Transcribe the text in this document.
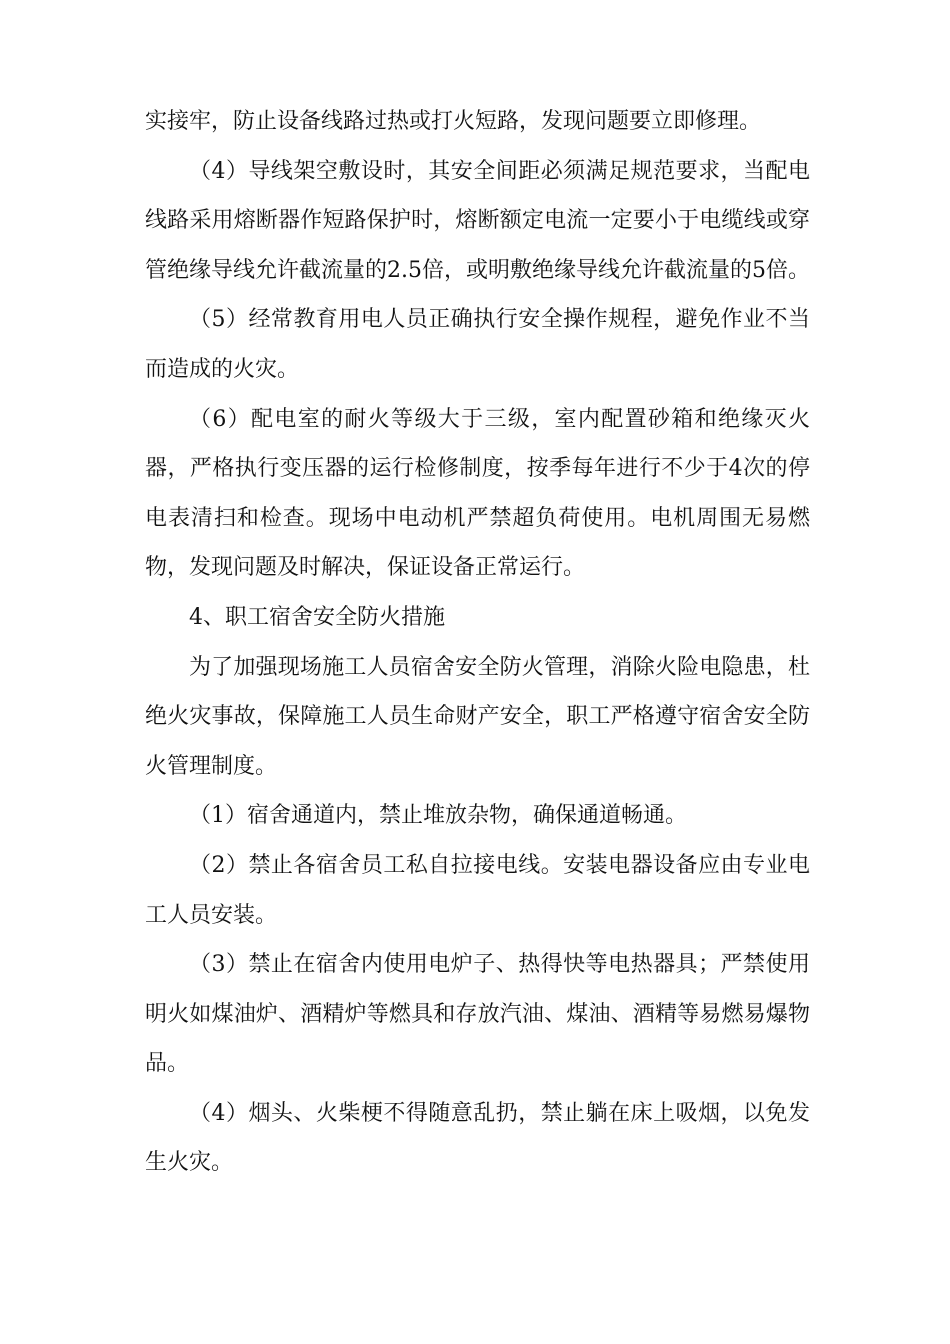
实接牢，防止设备线路过热或打火短路，发现问题要立即修理。

（4）导线架空敷设时，其安全间距必须满足规范要求，当配电线路采用熔断器作短路保护时，熔断额定电流一定要小于电缆线或穿管绝缘导线允许截流量的2.5倍，或明敷绝缘导线允许截流量的5倍。

（5）经常教育用电人员正确执行安全操作规程，避免作业不当而造成的火灾。

（6）配电室的耐火等级大于三级，室内配置砂箱和绝缘灭火器，严格执行变压器的运行检修制度，按季每年进行不少于4次的停电表清扫和检查。现场中电动机严禁超负荷使用。电机周围无易燃物，发现问题及时解决，保证设备正常运行。

4、职工宿舍安全防火措施

为了加强现场施工人员宿舍安全防火管理，消除火险电隐患，杜绝火灾事故，保障施工人员生命财产安全，职工严格遵守宿舍安全防火管理制度。

（1）宿舍通道内，禁止堆放杂物，确保通道畅通。

（2）禁止各宿舍员工私自拉接电线。安装电器设备应由专业电工人员安装。

（3）禁止在宿舍内使用电炉子、热得快等电热器具；严禁使用明火如煤油炉、酒精炉等燃具和存放汽油、煤油、酒精等易燃易爆物品。

（4）烟头、火柴梗不得随意乱扔，禁止躺在床上吸烟，以免发生火灾。
